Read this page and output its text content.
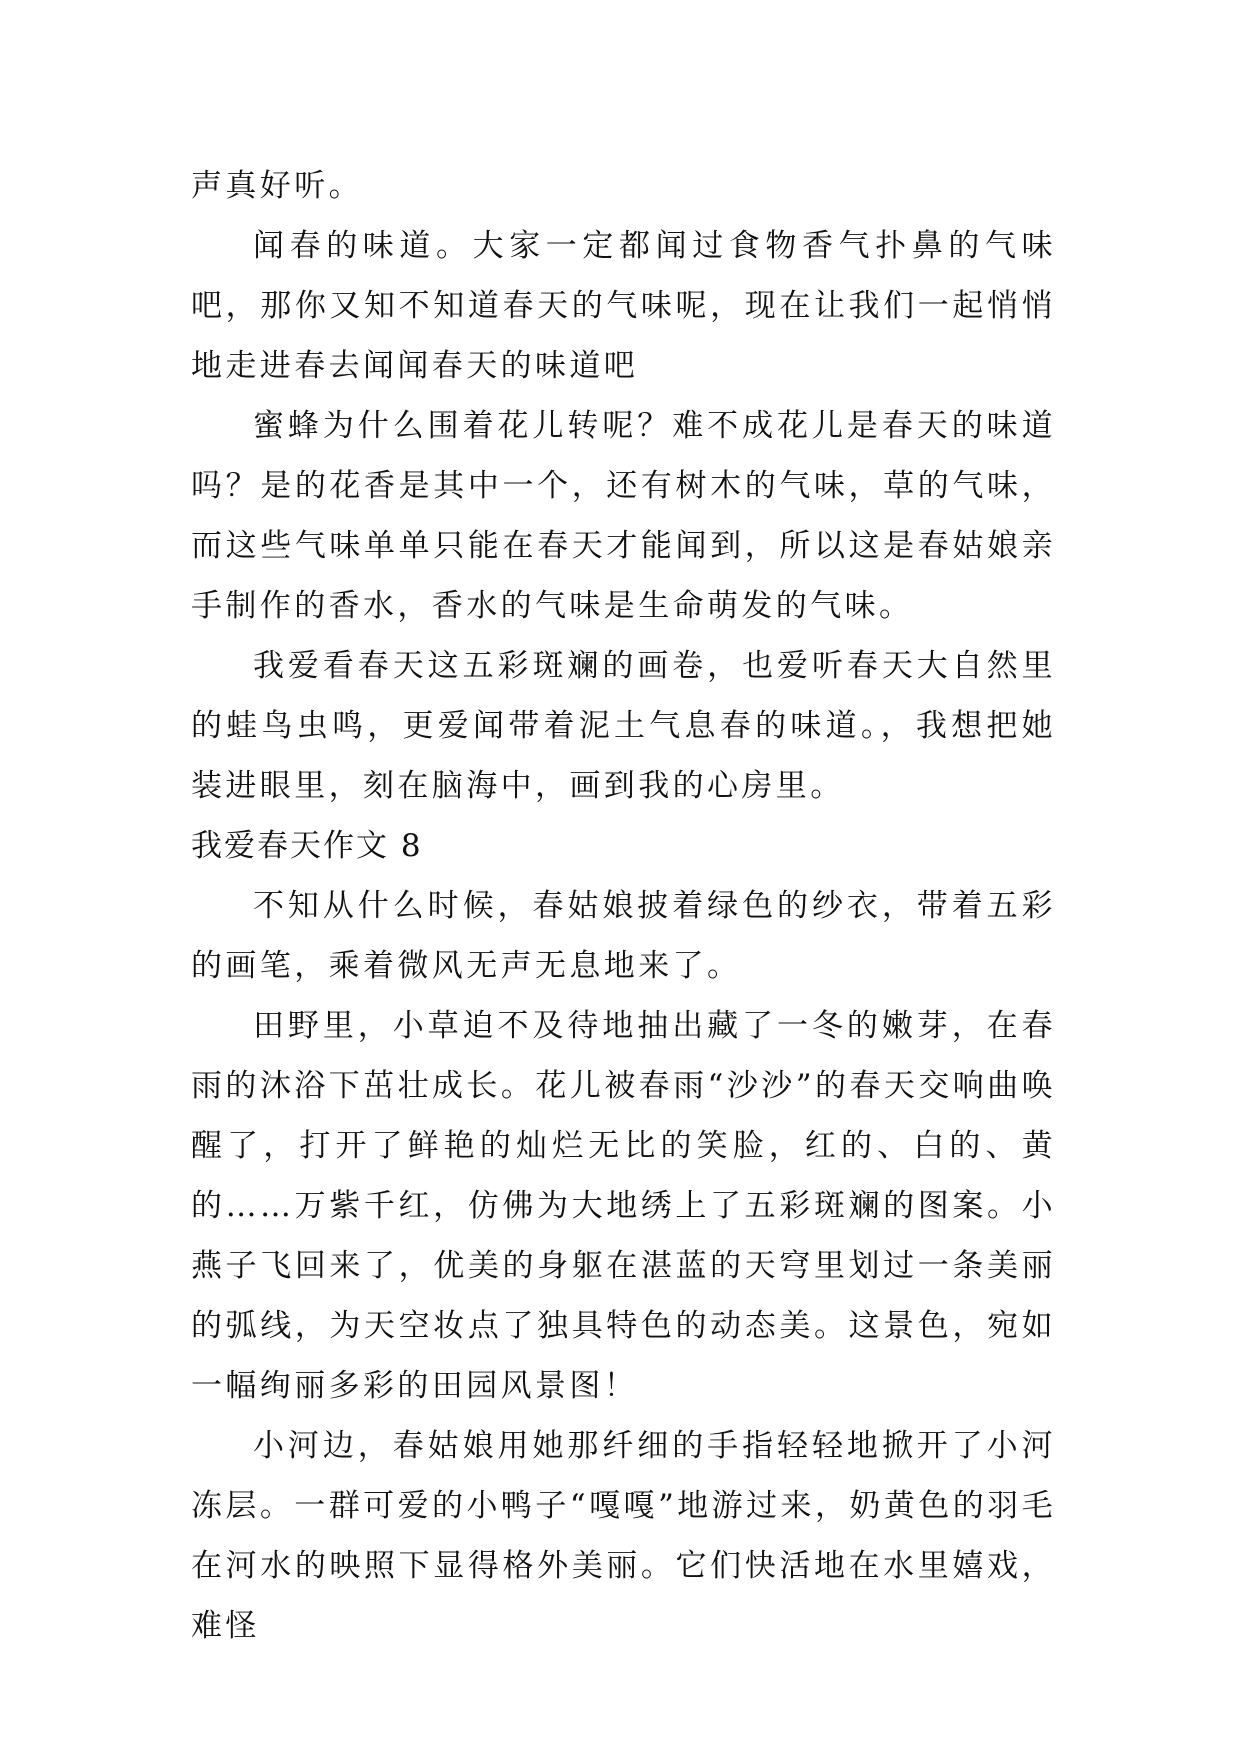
声真好听。

闻春的味道。大家一定都闻过食物香气扑鼻的气味吧，那你又知不知道春天的气味呢，现在让我们一起悄悄地走进春去闻闻春天的味道吧

蜜蜂为什么围着花儿转呢？难不成花儿是春天的味道吗？是的花香是其中一个，还有树木的气味，草的气味，而这些气味单单只能在春天才能闻到，所以这是春姑娘亲手制作的香水，香水的气味是生命萌发的气味。

我爱看春天这五彩斑斓的画卷，也爱听春天大自然里的蛙鸟虫鸣，更爱闻带着泥土气息春的味道。，我想把她装进眼里，刻在脑海中，画到我的心房里。

我爱春天作文 8

不知从什么时候，春姑娘披着绿色的纱衣，带着五彩的画笔，乘着微风无声无息地来了。

田野里，小草迫不及待地抽出藏了一冬的嫩芽，在春雨的沐浴下茁壮成长。花儿被春雨“沙沙”的春天交响曲唤醒了，打开了鲜艳的灿烂无比的笑脸，红的、白的、黄的……万紫千红，仿佛为大地绣上了五彩斑斓的图案。小燕子飞回来了，优美的身躯在湛蓝的天穹里划过一条美丽的弧线，为天空妆点了独具特色的动态美。这景色，宛如一幅绚丽多彩的田园风景图！

小河边，春姑娘用她那纤细的手指轻轻地掀开了小河冻层。一群可爱的小鸭子“嘎嘎”地游过来，奶黄色的羽毛在河水的映照下显得格外美丽。它们快活地在水里嬉戏，难怪
